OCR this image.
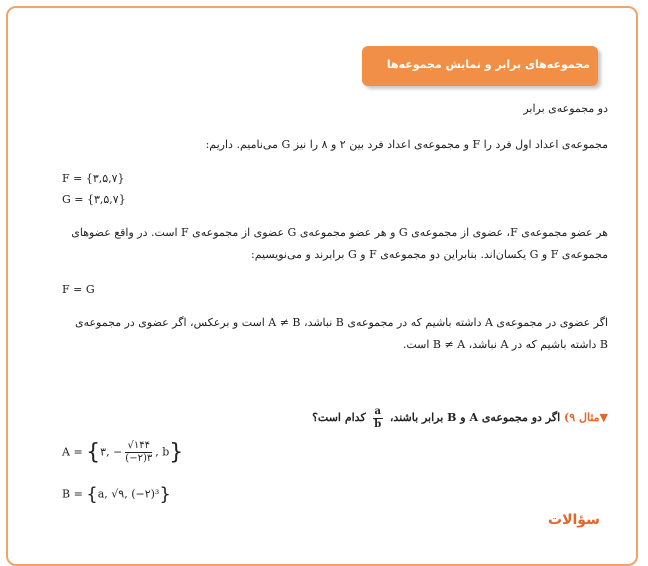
مجموعه‌های برابر و نمایش مجموعه‌ها
دو مجموعه‌ی برابر
مجموعه‌ی اعداد اول فرد را F و مجموعه‌ی اعداد فرد بین ۲ و ۸ را نیز G می‌نامیم. داریم:
F = {۳,۵,۷}
G = {۳,۵,۷}
هر عضو مجموعه‌ی F، عضوی از مجموعه‌ی G و هر عضو مجموعه‌ی G عضوی از مجموعه‌ی F است. در واقع عضوهای
مجموعه‌ی F و G یکسان‌اند. بنابراین دو مجموعه‌ی F و G برابرند و می‌نویسیم:
F = G
اگر عضوی در مجموعه‌ی A داشته باشیم که در مجموعه‌ی B نباشد، A ≠ B است و برعکس، اگر عضوی در مجموعه‌ی
B داشته باشیم که در A نباشد، B ≠ A است.
▼مثال ۹) اگر دو مجموعه‌ی A و B برابر باشند،
$\frac{a}{b}$
کدام است؟
A = {۳, − $\frac{√۱۴۴}{(-۲)۳}$ , b}
B = {a, √۹, (−۲)³}
سؤالات
